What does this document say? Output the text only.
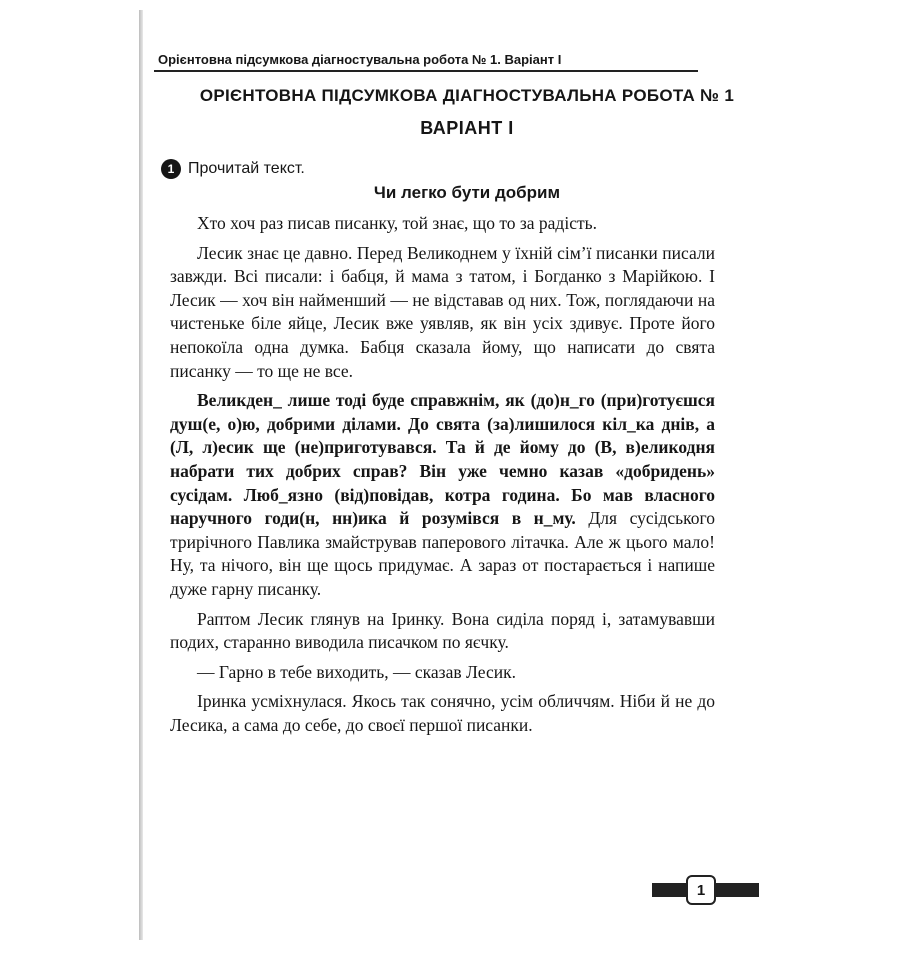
Орієнтовна підсумкова діагностувальна робота № 1. Варіант І
ОРІЄНТОВНА ПІДСУМКОВА ДІАГНОСТУВАЛЬНА РОБОТА № 1
ВАРІАНТ І
1 Прочитай текст.
Чи легко бути добрим

Хто хоч раз писав писанку, той знає, що то за радість.

Лесик знає це давно. Перед Великоднем у їхній сім’ї писанки писали завжди. Всі писали: і бабця, й мама з татом, і Богданко з Марійкою. І Лесик — хоч він найменший — не відставав од них. Тож, поглядаючи на чистеньке біле яйце, Лесик вже уявляв, як він усіх здивує. Проте його непокоїла одна думка. Бабця сказала йому, що написати до свята писанку — то ще не все.

Великден_ лише тоді буде справжнім, як (до)н_го (при)готуєшся душ(е, о)ю, добрими ділами. До свята (за)лишилося кіл_ка днів, а (Л, л)есик ще (не)приготувався. Та й де йому до (В, в)еликодня набрати тих добрих справ? Він уже чемно казав «добридень» сусідам. Люб_язно (від)повідав, котра година. Бо мав власного наручного годи(н, нн)ика й розумівся в н_му. Для сусідського трирічного Павлика змайстрував паперового літачка. Але ж цього мало! Ну, та нічого, він ще щось придумає. А зараз от постарається і напише дуже гарну писанку.

Раптом Лесик глянув на Іринку. Вона сиділа поряд і, затамувавши подих, старанно виводила писачком по яєчку.

— Гарно в тебе виходить, — сказав Лесик.

Іринка усміхнулася. Якось так сонячно, усім обличчям. Ніби й не до Лесика, а сама до себе, до своєї першої писанки.

1
